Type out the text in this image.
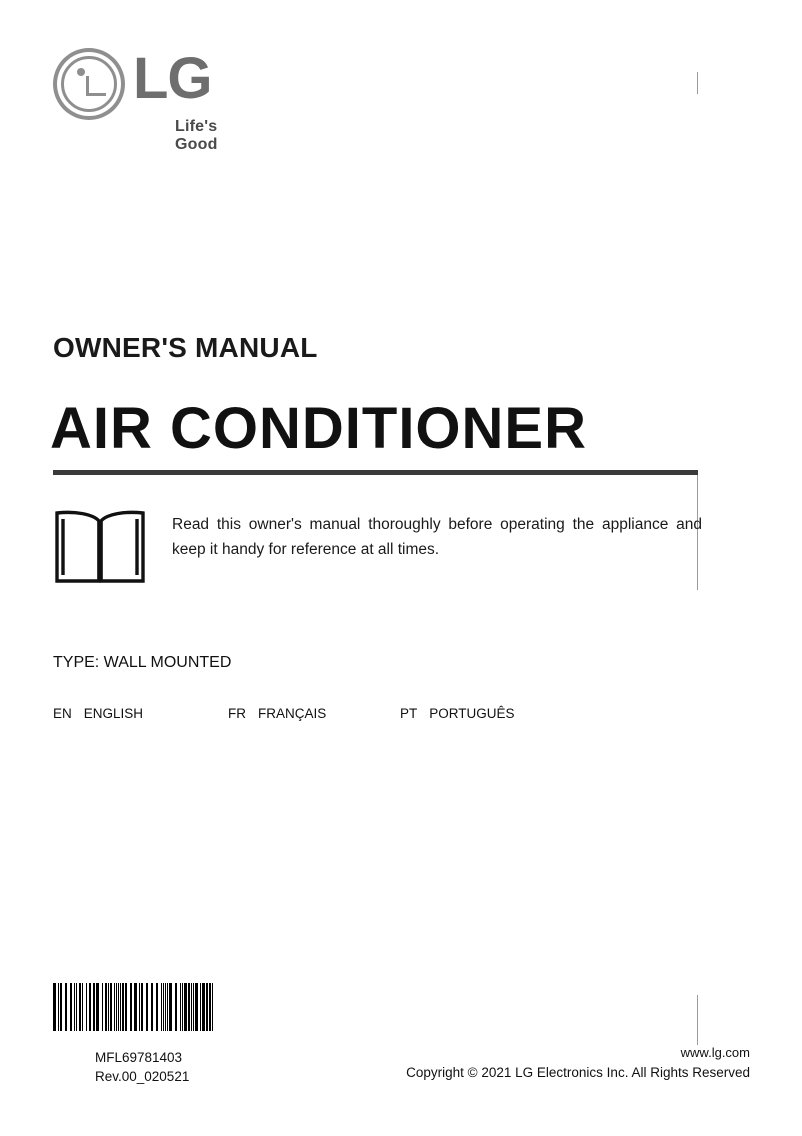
LG
Life's Good
OWNER'S MANUAL
AIR CONDITIONER
Read this owner's manual thoroughly before operating the appliance and keep it handy for reference at all times.
TYPE: WALL MOUNTED
EN ENGLISH	FR FRANÇAIS	PT PORTUGUÊS
MFL69781403
Rev.00_020521
www.lg.com
Copyright © 2021 LG Electronics Inc. All Rights Reserved
